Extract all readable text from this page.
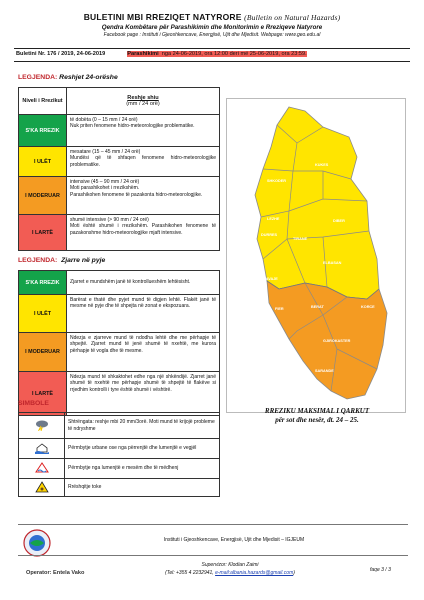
BULETINI MBI RREZIQET NATYRORE (Bulletin on Natural Hazards)
Qendra Kombëtare për Parashikimin dhe Monitorimin e Rreziqeve Natyrore
Facebook page : Instituti i Gjeoshkencave, Energjisë, Ujit dhe Mjedisit. Webpage: www.geo.edu.al
Buletini Nr. 176 / 2019, 24-06-2019	Parashikimi nga 24-06-2019, ora 12:00 deri më 25-06-2019, ora 23:59.
LEGJENDA: Reshjet 24-orëshe
Niveli i Rrezikut	Reshje shiu
(mm / 24 orë)

S'KA RREZIK	të dobëta (0 – 15 mm / 24 orë)
Nuk priten fenomene hidro-meteorologjike problematike.
I ULËT	mesatare (15 – 45 mm / 24 orë)
Mundësi që të shfaqen fenomene hidro-meteorologjike problematike.
I MODERUAR	intensive (45 – 90 mm / 24 orë)
Moti parashikohet i rrezikshëm.
Parashikohen fenomene të pazakonta hidro-meteorologjike.
I LARTË	shumë intensive (> 90 mm / 24 orë)
Moti është shumë i rrezikshëm. Parashikohen fenomene të pazakonshme hidro-meteorologjike mjaft intensive.
LEGJENDA: Zjarre në pyje
S'KA RREZIK	Zjarret e mundshëm janë të kontrollueshëm lehtësisht.
I ULËT	Barërat e thatë dhe pyjet mund të digjen lehtë. Flakët janë të mesme në pyje dhe të shpejta në zonat e ekspozuara.
I MODERUAR	Ndezja e zjarreve mund të ndodha lehtë dhe me përhapje të shpejtë. Zjarret mund të jenë shumë të nxehtë, me kurora përhapje të vogla dhe të mesme.
I LARTË	Ndezja mund të shkaktohet edhe nga një shkëndijë. Zjarret janë shumë të nxehtë me përhapje shumë të shpejtë të flakëve si rrjedhim kontrolli i tyre është shumë i vështirë.
KUKES
SHKODER
LEZHE	DIBER
DURRES
TIRANE
ELBASAN
KAVAJE
FIER	BERAT	KORCE
VLORE
GJIROKASTER
SARANDE
RREZIKU MAKSIMAL I QARKUT
për sot dhe nesër, dt. 24 – 25.
SIMBOLE
	Shtrëngata: reshje mbi 20 mm/3orë. Moti mund të krijojë probleme të ndryshme
	Përmbytje urbane ose nga përrenjtë dhe lumenjtë e vegjël
	Përmbytje nga lumenjtë e mesëm dhe të mëdhenj
	Rrëshqitje toke
Instituti i Gjeoshkencave, Energjisë, Ujit dhe Mjedisit – IGJEUM
Operator: Entela Vako
Supervizor: Klodian Zaimi
(Tel: +355 4 2232941, e-mail:albania.hazards@gmail.com)	faqe 3 / 3
